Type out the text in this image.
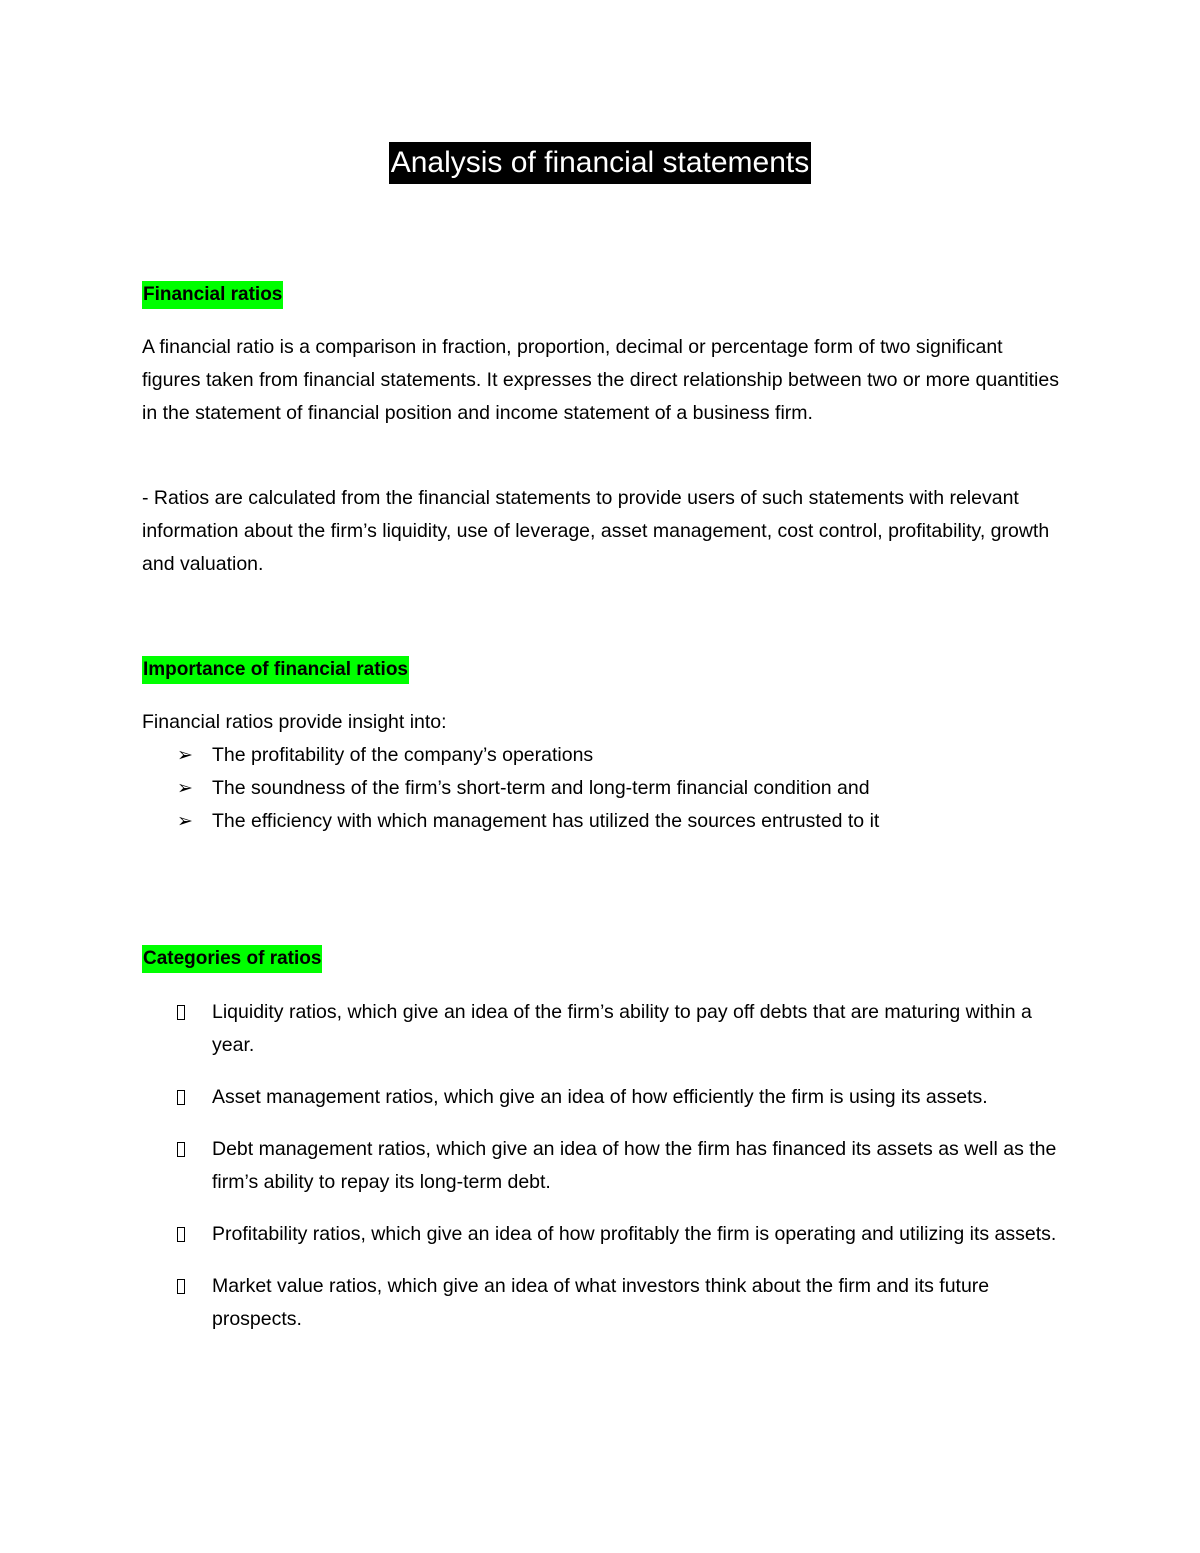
Analysis of financial statements
Financial ratios

A financial ratio is a comparison in fraction, proportion, decimal or percentage form of two significant figures taken from financial statements. It expresses the direct relationship between two or more quantities in the statement of financial position and income statement of a business firm.

- Ratios are calculated from the financial statements to provide users of such statements with relevant information about the firm’s liquidity, use of leverage, asset management, cost control, profitability, growth and valuation.

Importance of financial ratios

Financial ratios provide insight into:

➢ The profitability of the company’s operations
➢ The soundness of the firm’s short-term and long-term financial condition and
➢ The efficiency with which management has utilized the sources entrusted to it
Categories of ratios
Liquidity ratios, which give an idea of the firm’s ability to pay off debts that are maturing within a year.
Asset management ratios, which give an idea of how efficiently the firm is using its assets.
Debt management ratios, which give an idea of how the firm has financed its assets as well as the firm’s ability to repay its long-term debt.
Profitability ratios, which give an idea of how profitably the firm is operating and utilizing its assets.
Market value ratios, which give an idea of what investors think about the firm and its future prospects.
